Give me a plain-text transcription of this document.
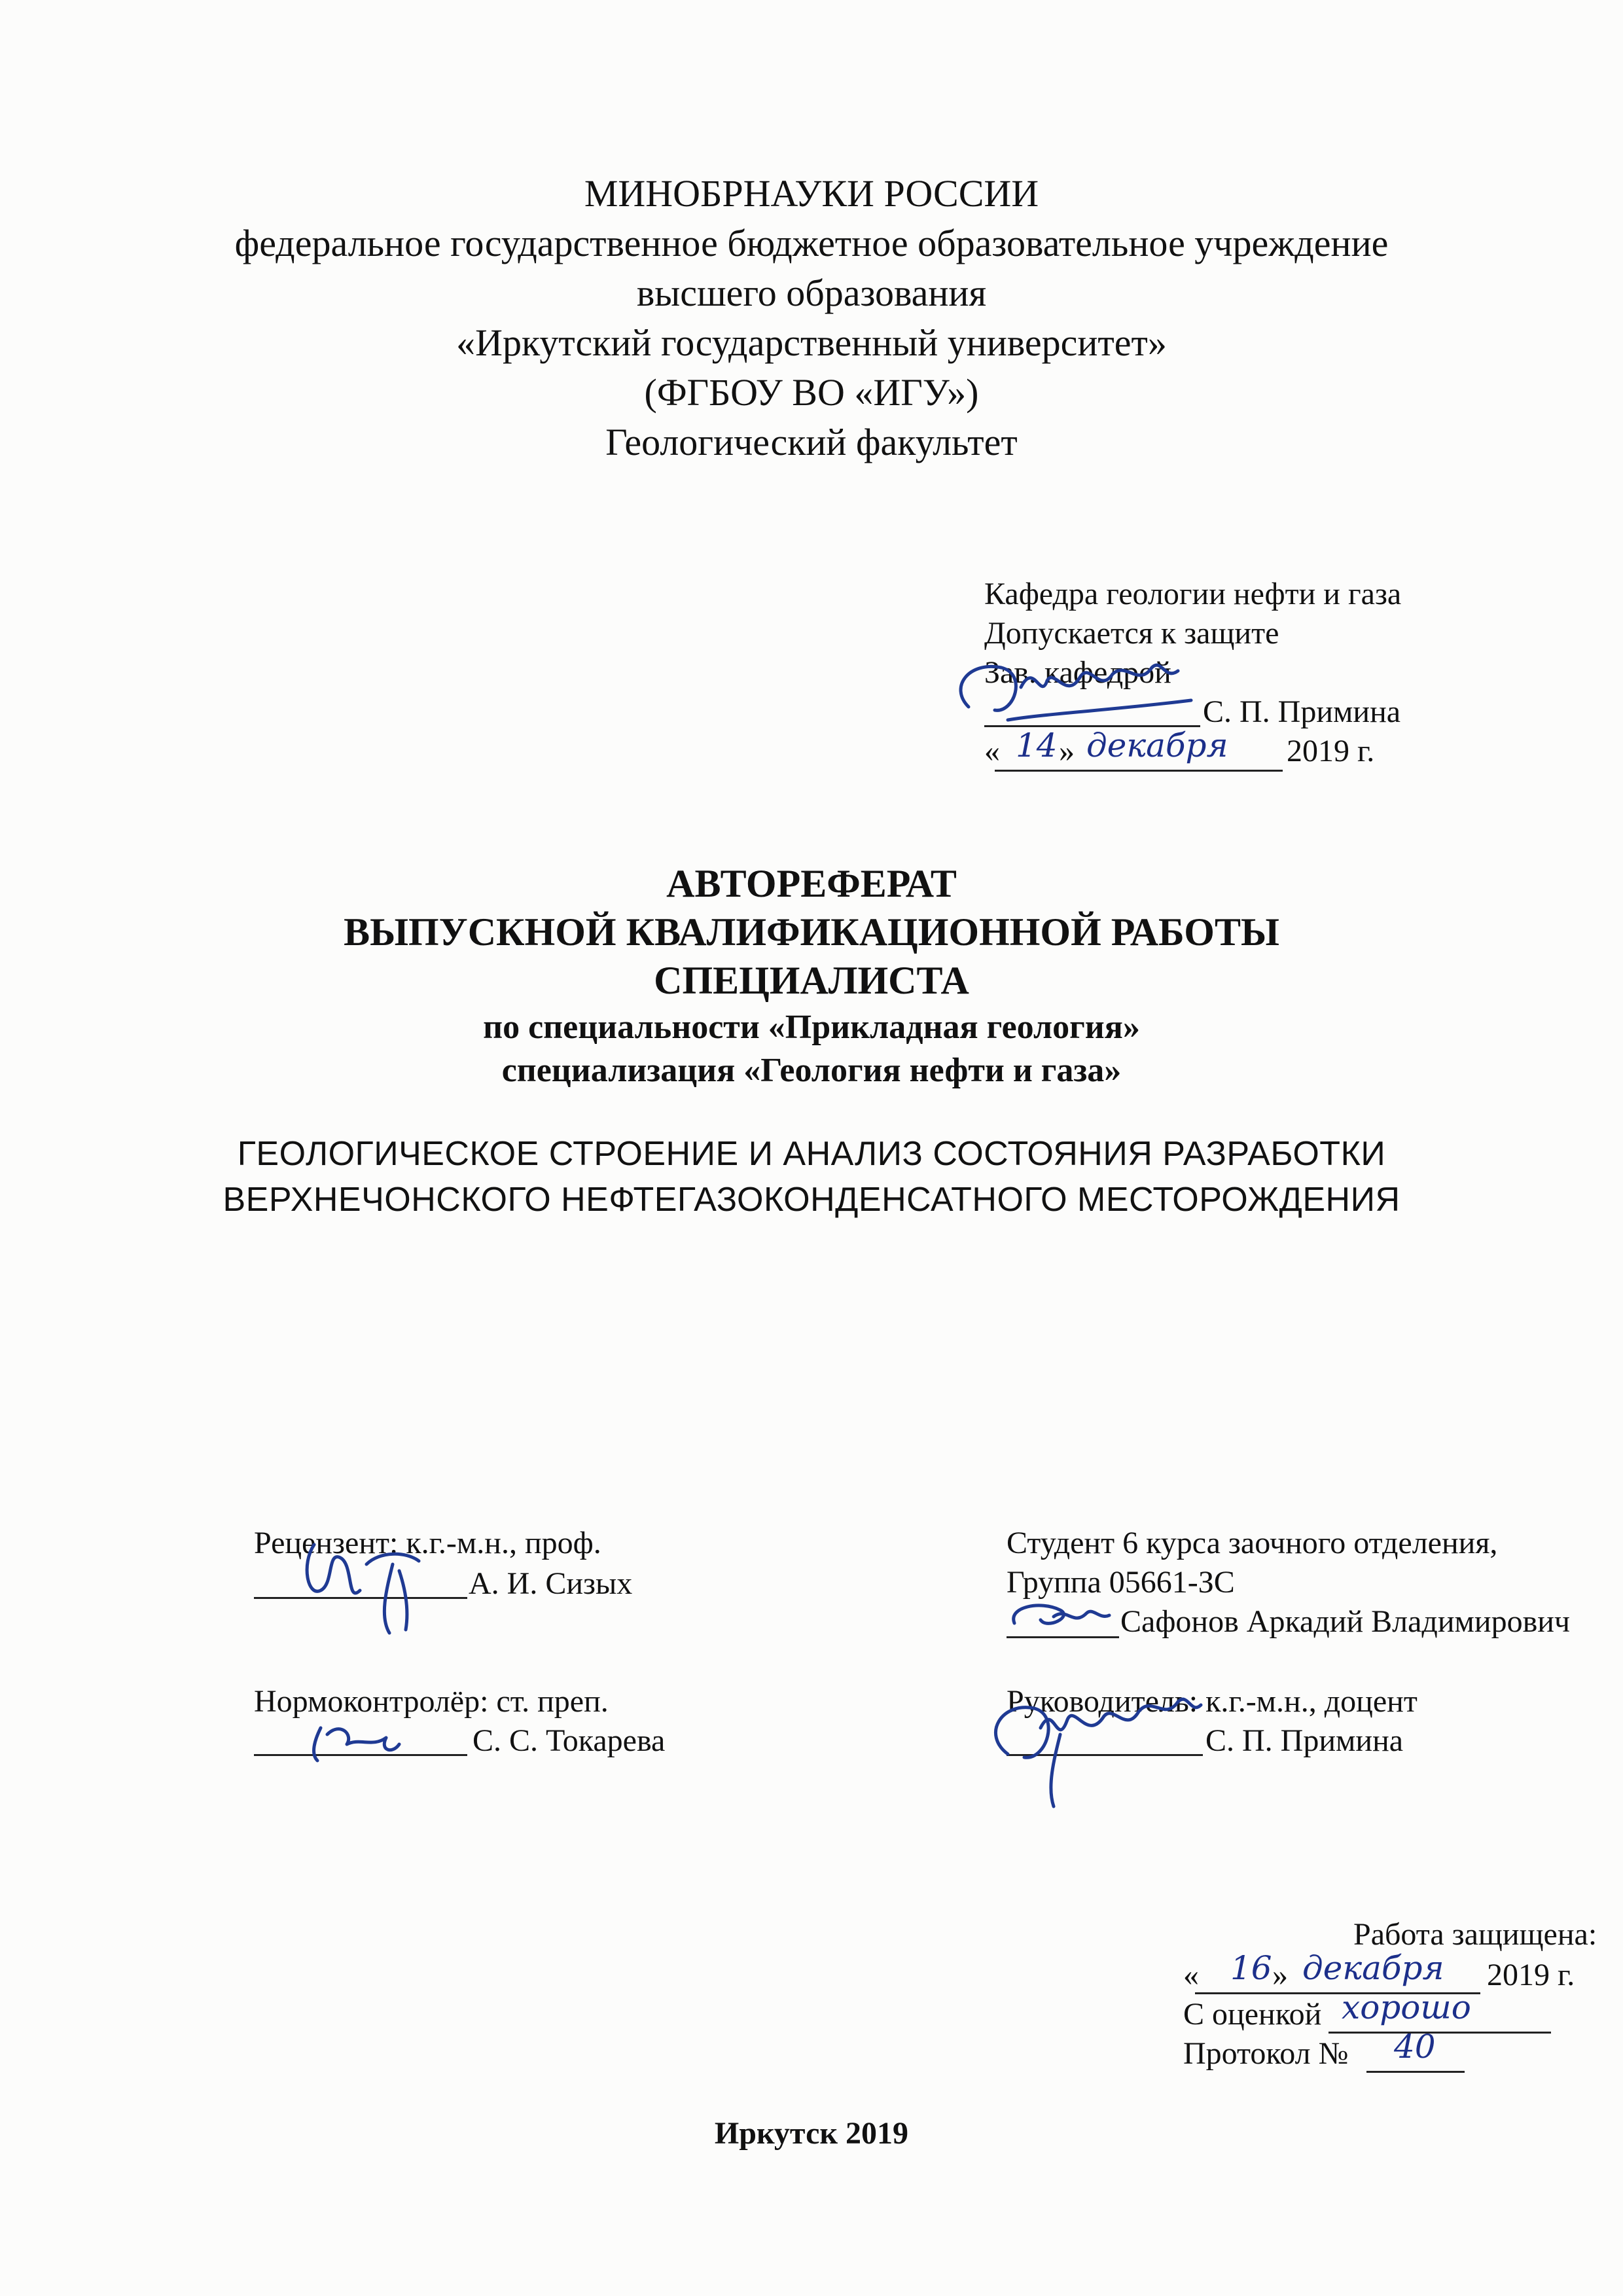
МИНОБРНАУКИ РОССИИ
федеральное государственное бюджетное образовательное учреждение
высшего образования
«Иркутский государственный университет»
(ФГБОУ ВО «ИГУ»)
Геологический факультет
Кафедра геологии нефти и газа
Допускается к защите
Зав. кафедрой
С. П. Примина
« 14 » декабря 2019 г.
АВТОРЕФЕРАТ
ВЫПУСКНОЙ КВАЛИФИКАЦИОННОЙ РАБОТЫ
СПЕЦИАЛИСТА
по специальности «Прикладная геология»
специализация «Геология нефти и газа»
ГЕОЛОГИЧЕСКОЕ СТРОЕНИЕ И АНАЛИЗ СОСТОЯНИЯ РАЗРАБОТКИ
ВЕРХНЕЧОНСКОГО НЕФТЕГАЗОКОНДЕНСАТНОГО МЕСТОРОЖДЕНИЯ
Рецензент: к.г.-м.н., проф.
А. И. Сизых
Студент 6 курса заочного отделения,
Группа 05661-ЗС
Сафонов Аркадий Владимирович
Нормоконтролёр: ст. преп.
С. С. Токарева
Руководитель: к.г.-м.н., доцент
С. П. Примина
Работа защищена:
« 16 » декабря 2019 г.
С оценкой хорошо
Протокол № 40
Иркутск 2019
